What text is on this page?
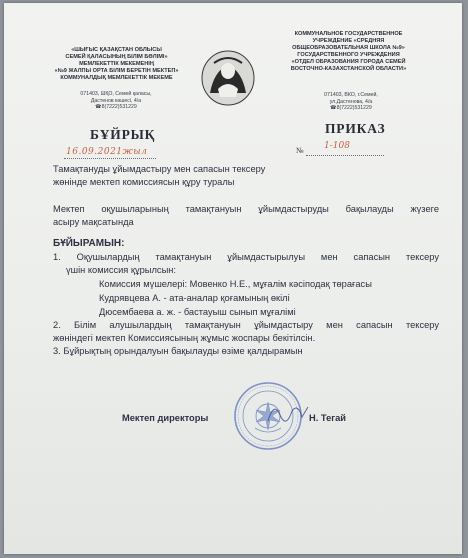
«ШЫҒЫС ҚАЗАҚСТАН ОБЛЫСЫ
СЕМЕЙ ҚАЛАСЫНЫҢ БІЛІМ БӨЛІМІ»
МЕМЛЕКЕТТІК МЕКЕМЕНІҢ
«№9 ЖАЛПЫ ОРТА БІЛІМ БЕРЕТІН МЕКТЕП»
КОММУНАЛДЫҚ МЕМЛЕКЕТТІК МЕКЕМЕ
071403, ШҚО, Семей қаласы,
Дастенов көшесі, 4/а
☎8(7222)531229
КОММУНАЛЬНОЕ ГОСУДАРСТВЕННОЕ
УЧРЕЖДЕНИЕ «СРЕДНЯЯ
ОБЩЕОБРАЗОВАТЕЛЬНАЯ ШКОЛА №9»
ГОСУДАРСТВЕННОГО УЧРЕЖДЕНИЯ
«ОТДЕЛ ОБРАЗОВАНИЯ ГОРОДА СЕМЕЙ
ВОСТОЧНО-КАЗАХСТАНСКОЙ ОБЛАСТИ»
071403, ВКО, г.Семей,
ул.Дастенова, 4/а
☎8(7222)531229
БҰЙРЫҚ	ПРИКАЗ
16.09.2021жыл	№ 1-108
Тамақтануды ұйымдастыру мен сапасын тексеру
жөнінде мектеп комиссиясын құру туралы
Мектеп оқушыларының тамақтануын ұйымдастыруды бақылауды жүзеге
асыру мақсатында
БҰЙЫРАМЫН:
1. Оқушылардың тамақтануын ұйымдастырылуы мен сапасын тексеру
үшін комиссия құрылсын:
Комиссия мүшелері: Мовенко Н.Е., мұғалім кәсіподақ төрағасы
Кудрявцева А. - ата-аналар қоғамының өкілі
Дюсембаева а. ж. - бастауыш сынып мұғалімі
2. Білім алушылардың тамақтануын ұйымдастыру мен сапасын тексеру
жөніндегі мектеп Комиссиясының жұмыс жоспары бекітілсін.
3. Бұйрықтың орындалуын бақылауды өзіме қалдырамын
Мектеп директоры	Н. Тегай
